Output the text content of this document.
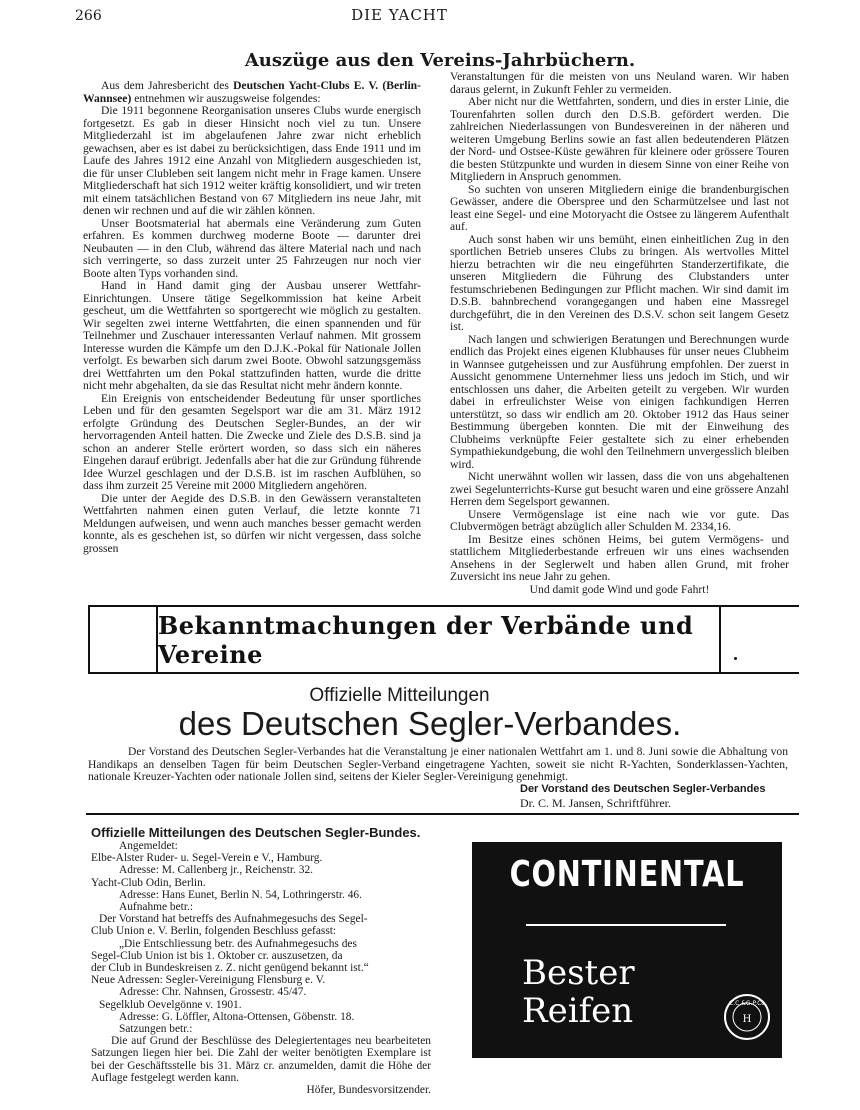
266	DIE YACHT
Auszüge aus den Vereins-Jahrbüchern.

Aus dem Jahresbericht des Deutschen Yacht-Clubs E. V. (Berlin-Wannsee) entnehmen wir auszugsweise folgendes:

Die 1911 begonnene Reorganisation unseres Clubs wurde energisch fortgesetzt. Es gab in dieser Hinsicht noch viel zu tun. Unsere Mitgliederzahl ist im abgelaufenen Jahre zwar nicht erheblich gewachsen, aber es ist dabei zu berücksichtigen, dass Ende 1911 und im Laufe des Jahres 1912 eine Anzahl von Mitgliedern ausgeschieden ist, die für unser Clubleben seit langem nicht mehr in Frage kamen. Unsere Mitgliederschaft hat sich 1912 weiter kräftig konsolidiert, und wir treten mit einem tatsächlichen Bestand von 67 Mitgliedern ins neue Jahr, mit denen wir rechnen und auf die wir zählen können.

Unser Bootsmaterial hat abermals eine Veränderung zum Guten erfahren. Es kommen durchweg moderne Boote — darunter drei Neubauten — in den Club, während das ältere Material nach und nach sich verringerte, so dass zurzeit unter 25 Fahrzeugen nur noch vier Boote alten Typs vorhanden sind.

Hand in Hand damit ging der Ausbau unserer Wettfahr-Einrichtungen. Unsere tätige Segelkommission hat keine Arbeit gescheut, um die Wettfahrten so sportgerecht wie möglich zu gestalten. Wir segelten zwei interne Wettfahrten, die einen spannenden und für Teilnehmer und Zuschauer interessanten Verlauf nahmen. Mit grossem Interesse wurden die Kämpfe um den D.J.K.-Pokal für Nationale Jollen verfolgt. Es bewarben sich darum zwei Boote. Obwohl satzungsgemäss drei Wettfahrten um den Pokal stattzufinden hatten, wurde die dritte nicht mehr abgehalten, da sie das Resultat nicht mehr ändern konnte.

Ein Ereignis von entscheidender Bedeutung für unser sportliches Leben und für den gesamten Segelsport war die am 31. März 1912 erfolgte Gründung des Deutschen Segler-Bundes, an der wir hervorragenden Anteil hatten. Die Zwecke und Ziele des D.S.B. sind ja schon an anderer Stelle erörtert worden, so dass sich ein näheres Eingehen darauf erübrigt. Jedenfalls aber hat die zur Gründung führende Idee Wurzel geschlagen und der D.S.B. ist im raschen Aufblühen, so dass ihm zurzeit 25 Vereine mit 2000 Mitgliedern angehören.

Die unter der Aegide des D.S.B. in den Gewässern veranstalteten Wettfahrten nahmen einen guten Verlauf, die letzte konnte 71 Meldungen aufweisen, und wenn auch manches besser gemacht werden konnte, als es geschehen ist, so dürfen wir nicht vergessen, dass solche grossen

Veranstaltungen für die meisten von uns Neuland waren. Wir haben daraus gelernt, in Zukunft Fehler zu vermeiden.

Aber nicht nur die Wettfahrten, sondern, und dies in erster Linie, die Tourenfahrten sollen durch den D.S.B. gefördert werden. Die zahlreichen Niederlassungen von Bundesvereinen in der näheren und weiteren Umgebung Berlins sowie an fast allen bedeutenderen Plätzen der Nord- und Ostsee-Küste gewähren für kleinere oder grössere Touren die besten Stützpunkte und wurden in diesem Sinne von einer Reihe von Mitgliedern in Anspruch genommen.

So suchten von unseren Mitgliedern einige die brandenburgischen Gewässer, andere die Oberspree und den Scharmützelsee und last not least eine Segel- und eine Motoryacht die Ostsee zu längerem Aufenthalt auf.

Auch sonst haben wir uns bemüht, einen einheitlichen Zug in den sportlichen Betrieb unseres Clubs zu bringen. Als wertvolles Mittel hierzu betrachten wir die neu eingeführten Standerzertifikate, die unseren Mitgliedern die Führung des Clubstanders unter festumschriebenen Bedingungen zur Pflicht machen. Wir sind damit im D.S.B. bahnbrechend vorangegangen und haben eine Massregel durchgeführt, die in den Vereinen des D.S.V. schon seit langem Gesetz ist.

Nach langen und schwierigen Beratungen und Berechnungen wurde endlich das Projekt eines eigenen Klubhauses für unser neues Clubheim in Wannsee gutgeheissen und zur Ausführung empfohlen. Der zuerst in Aussicht genommene Unternehmer liess uns jedoch im Stich, und wir entschlossen uns daher, die Arbeiten geteilt zu vergeben. Wir wurden dabei in erfreulichster Weise von einigen fachkundigen Herren unterstützt, so dass wir endlich am 20. Oktober 1912 das Haus seiner Bestimmung übergeben konnten. Die mit der Einweihung des Clubheims verknüpfte Feier gestaltete sich zu einer erhebenden Sympathiekundgebung, die wohl den Teilnehmern unvergesslich bleiben wird.

Nicht unerwähnt wollen wir lassen, dass die von uns abgehaltenen zwei Segelunterrichts-Kurse gut besucht waren und eine grössere Anzahl Herren dem Segelsport gewannen.

Unsere Vermögenslage ist eine nach wie vor gute. Das Clubvermögen beträgt abzüglich aller Schulden M. 2334,16.

Im Besitze eines schönen Heims, bei gutem Vermögens- und stattlichem Mitgliederbestande erfreuen wir uns eines wachsenden Ansehens in der Seglerwelt und haben allen Grund, mit froher Zuversicht ins neue Jahr zu gehen.

Und damit gode Wind und gode Fahrt!

Bekanntmachungen der Verbände und Vereine
Offizielle Mitteilungen
des Deutschen Segler-Verbandes.

Der Vorstand des Deutschen Segler-Verbandes hat die Veranstaltung je einer nationalen Wettfahrt am 1. und 8. Juni sowie die Abhaltung von Handikaps an denselben Tagen für beim Deutschen Segler-Verband eingetragene Yachten, soweit sie nicht R-Yachten, Sonderklassen-Yachten, nationale Kreuzer-Yachten oder nationale Jollen sind, seitens der Kieler Segler-Vereinigung genehmigt.

Der Vorstand des Deutschen Segler-Verbandes
Dr. C. M. Jansen, Schriftführer.
Offizielle Mitteilungen des Deutschen Segler-Bundes.
Angemeldet:
Elbe-Alster Ruder- u. Segel-Verein e V., Hamburg.
Adresse: M. Callenberg jr., Reichenstr. 32.
Yacht-Club Odin, Berlin.
Adresse: Hans Eunet, Berlin N. 54, Lothringerstr. 46.
Aufnahme betr.:
Der Vorstand hat betreffs des Aufnahmegesuchs des Segel-
Club Union e. V. Berlin, folgenden Beschluss gefasst:
„Die Entschliessung betr. des Aufnahmegesuchs des
Segel-Club Union ist bis 1. Oktober cr. auszusetzen, da
der Club in Bundeskreisen z. Z. nicht genügend bekannt ist.“
Neue Adressen: Segler-Vereinigung Flensburg e. V.
Adresse: Chr. Nahnsen, Grossestr. 45/47.
Segelklub Oevelgönne v. 1901.
Adresse: G. Löffler, Altona-Ottensen, Göbenstr. 18.
Satzungen betr.:
Die auf Grund der Beschlüsse des Delegiertentages neu bearbeiteten Satzungen liegen hier bei. Die Zahl der weiter benötigten Exemplare ist bei der Geschäftsstelle bis 31. März cr. anzumelden, damit die Höhe der Auflage festgelegt werden kann.
Höfer, Bundesvorsitzender.
CONTINENTAL
Bester
Reifen	C.C.&G.P.Co
H
